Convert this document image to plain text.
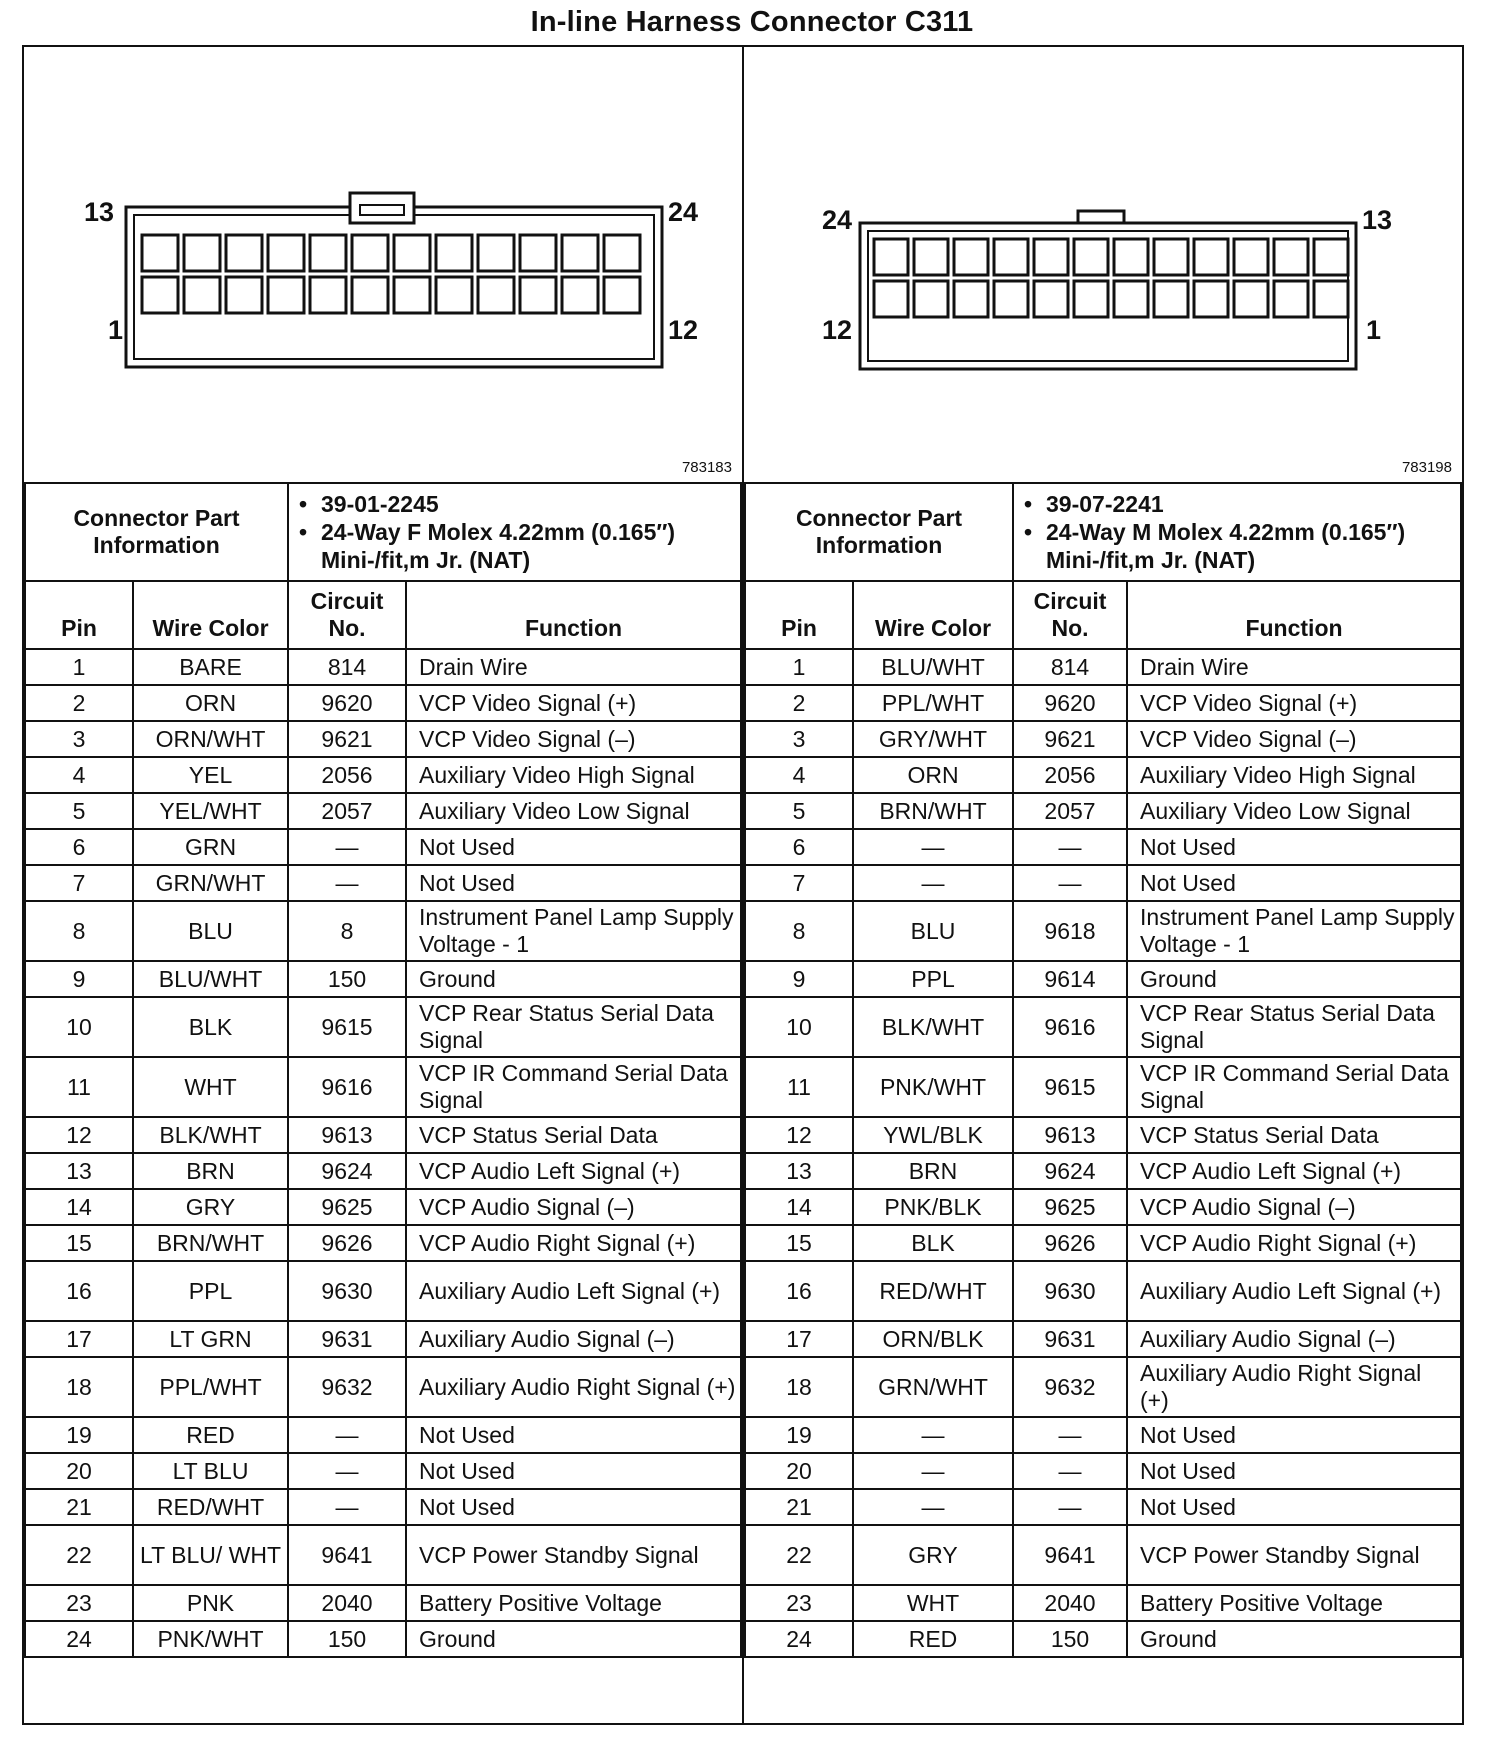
In-line Harness Connector C311
13	24
1	12
783183
24	13
12	1
783198
Connector Part Information		• 39-01-2245
• 24-Way F Molex 4.22mm (0.165″) Mini-/fit,m Jr. (NAT)	

Pin	Wire Color	Circuit No.	Function
1	BARE	814	Drain Wire
2	ORN	9620	VCP Video Signal (+)
3	ORN/WHT	9621	VCP Video Signal (–)
4	YEL	2056	Auxiliary Video High Signal
5	YEL/WHT	2057	Auxiliary Video Low Signal
6	GRN	—	Not Used
7	GRN/WHT	—	Not Used
8	BLU	8	Instrument Panel Lamp Supply Voltage - 1
9	BLU/WHT	150	Ground
10	BLK	9615	VCP Rear Status Serial Data Signal
11	WHT	9616	VCP IR Command Serial Data Signal
12	BLK/WHT	9613	VCP Status Serial Data
13	BRN	9624	VCP Audio Left Signal (+)
14	GRY	9625	VCP Audio Signal (–)
15	BRN/WHT	9626	VCP Audio Right Signal (+)
16	PPL	9630	Auxiliary Audio Left Signal (+)
17	LT GRN	9631	Auxiliary Audio Signal (–)
18	PPL/WHT	9632	Auxiliary Audio Right Signal (+)
19	RED	—	Not Used
20	LT BLU	—	Not Used
21	RED/WHT	—	Not Used
22	LT BLU/ WHT	9641	VCP Power Standby Signal
23	PNK	2040	Battery Positive Voltage
24	PNK/WHT	150	Ground
Connector Part Information		• 39-07-2241
• 24-Way M Molex 4.22mm (0.165″) Mini-/fit,m Jr. (NAT)	

Pin	Wire Color	Circuit No.	Function
1	BLU/WHT	814	Drain Wire
2	PPL/WHT	9620	VCP Video Signal (+)
3	GRY/WHT	9621	VCP Video Signal (–)
4	ORN	2056	Auxiliary Video High Signal
5	BRN/WHT	2057	Auxiliary Video Low Signal
6	—	—	Not Used
7	—	—	Not Used
8	BLU	9618	Instrument Panel Lamp Supply Voltage - 1
9	PPL	9614	Ground
10	BLK/WHT	9616	VCP Rear Status Serial Data Signal
11	PNK/WHT	9615	VCP IR Command Serial Data Signal
12	YWL/BLK	9613	VCP Status Serial Data
13	BRN	9624	VCP Audio Left Signal (+)
14	PNK/BLK	9625	VCP Audio Signal (–)
15	BLK	9626	VCP Audio Right Signal (+)
16	RED/WHT	9630	Auxiliary Audio Left Signal (+)
17	ORN/BLK	9631	Auxiliary Audio Signal (–)
18	GRN/WHT	9632	Auxiliary Audio Right Signal (+)
19	—	—	Not Used
20	—	—	Not Used
21	—	—	Not Used
22	GRY	9641	VCP Power Standby Signal
23	WHT	2040	Battery Positive Voltage
24	RED	150	Ground
